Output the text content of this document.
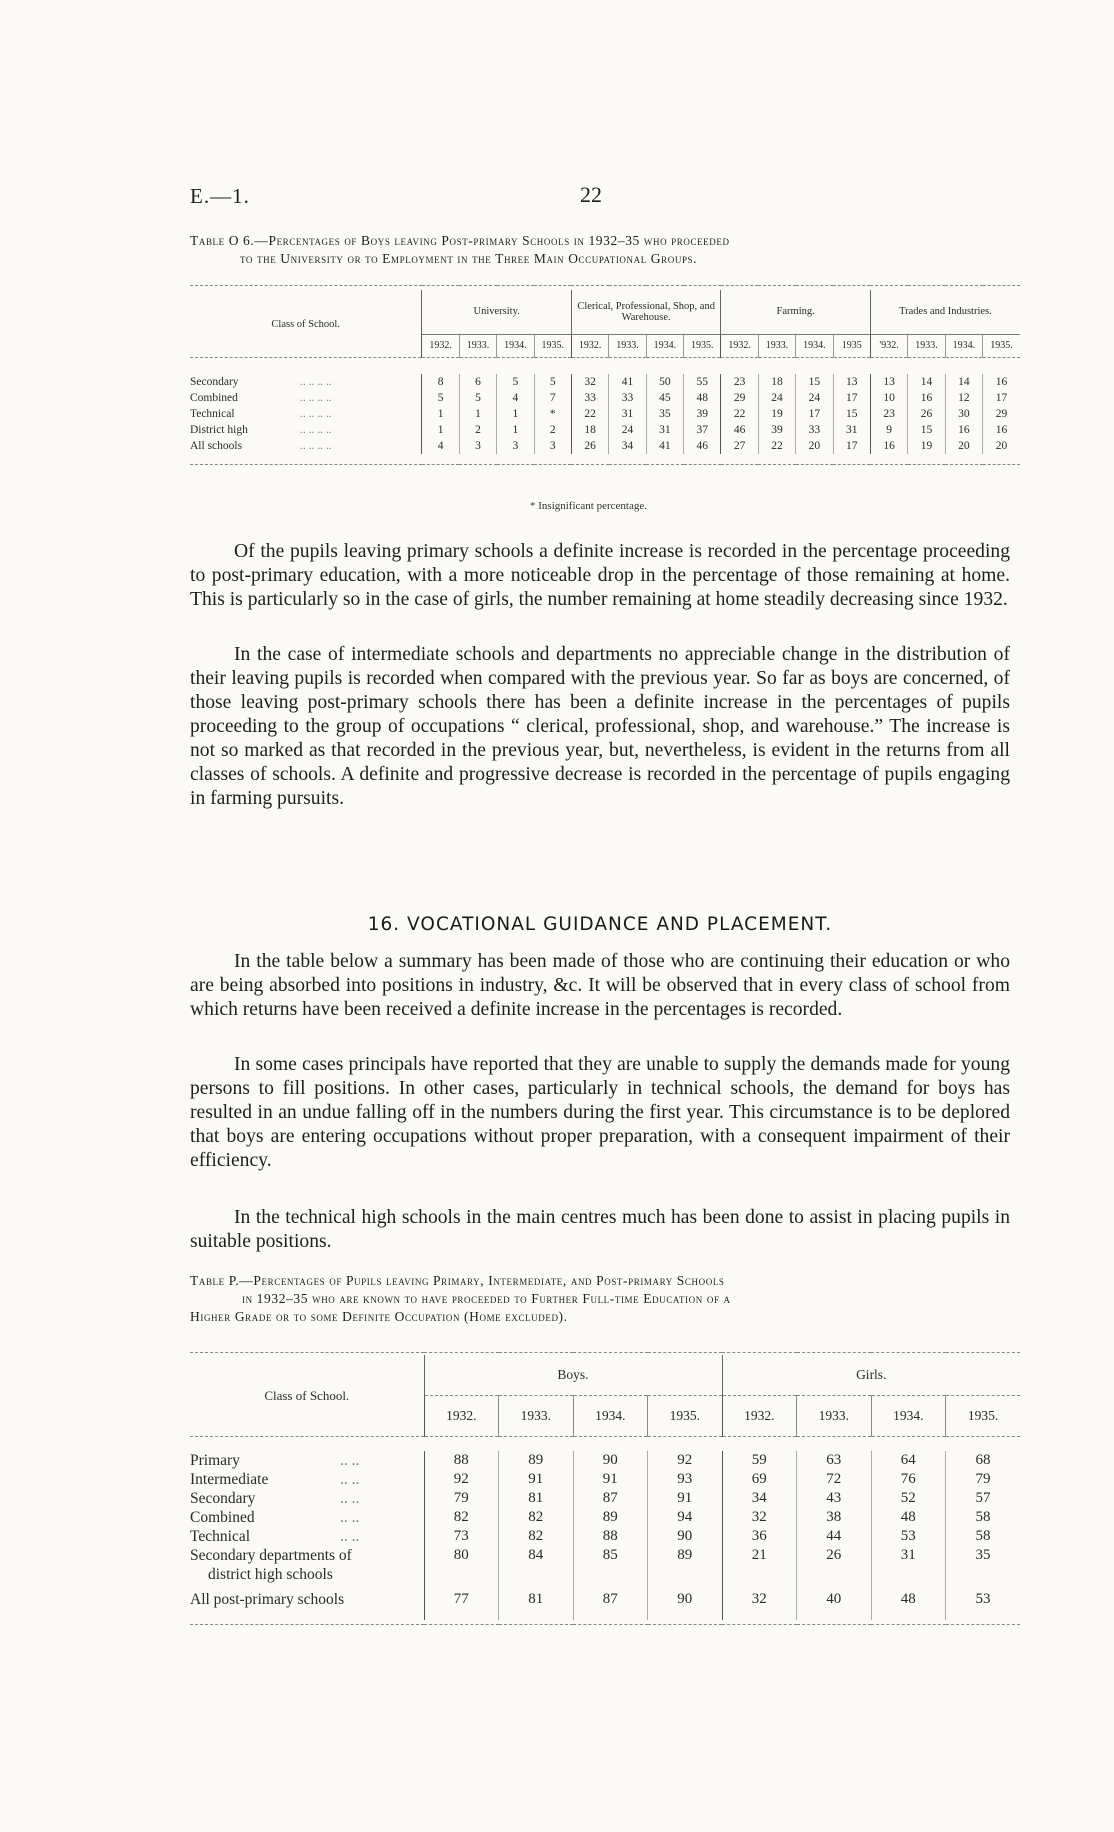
E.—1.	22
Table O 6.—Percentages of Boys leaving Post-primary Schools in 1932–35 who proceeded
to the University or to Employment in the Three Main Occupational Groups.

Class of School.	University.				Clerical, Professional, Shop, and Warehouse.				Farming.				Trades and Industries.			
	1932.	1933.	1934.	1935.	1932.	1933.	1934.	1935.	1932.	1933.	1934.	1935	'932.	1933.	1934.	1935.

Secondary .. .. .. ..	8	6	5	5	32	41	50	55	23	18	15	13	13	14	14	16
Combined .. .. .. ..	5	5	4	7	33	33	45	48	29	24	24	17	10	16	12	17
Technical .. .. .. ..	1	1	1	*	22	31	35	39	22	19	17	15	23	26	30	29
District high .. .. .. ..	1	2	1	2	18	24	31	37	46	39	33	31	9	15	16	16
All schools .. .. .. ..	4	3	3	3	26	34	41	46	27	22	20	17	16	19	20	20

* Insignificant percentage.

Of the pupils leaving primary schools a definite increase is recorded in the percentage proceeding to post-primary education, with a more noticeable drop in the percentage of those remaining at home. This is particularly so in the case of girls, the number remaining at home steadily decreasing since 1932.

In the case of intermediate schools and departments no appreciable change in the distribution of their leaving pupils is recorded when compared with the previous year. So far as boys are concerned, of those leaving post-primary schools there has been a definite increase in the percentages of pupils proceeding to the group of occupations “ clerical, professional, shop, and warehouse.” The increase is not so marked as that recorded in the previous year, but, nevertheless, is evident in the returns from all classes of schools. A definite and progressive decrease is recorded in the percentage of pupils engaging in farming pursuits.

16. VOCATIONAL GUIDANCE AND PLACEMENT.

In the table below a summary has been made of those who are continuing their education or who are being absorbed into positions in industry, &c. It will be observed that in every class of school from which returns have been received a definite increase in the percentages is recorded.

In some cases principals have reported that they are unable to supply the demands made for young persons to fill positions. In other cases, particularly in technical schools, the demand for boys has resulted in an undue falling off in the numbers during the first year. This circumstance is to be deplored that boys are entering occupations without proper preparation, with a consequent impairment of their efficiency.

In the technical high schools in the main centres much has been done to assist in placing pupils in suitable positions.

Table P.—Percentages of Pupils leaving Primary, Intermediate, and Post-primary Schools
in 1932–35 who are known to have proceeded to Further Full-time Education of a
Higher Grade or to some Definite Occupation (Home excluded).

Class of School.	Boys.				Girls.			
	1932.	1933.	1934.	1935.	1932.	1933.	1934.	1935.

Primary .. ..	88	89	90	92	59	63	64	68
Intermediate .. ..	92	91	91	93	69	72	76	79
Secondary .. ..	79	81	87	91	34	43	52	57
Combined .. ..	82	82	89	94	32	38	48	58
Technical .. ..	73	82	88	90	36	44	53	58
Secondary departments of
district high schools	80	84	85	89	21	26	31	35
All post-primary schools	77	81	87	90	32	40	48	53
